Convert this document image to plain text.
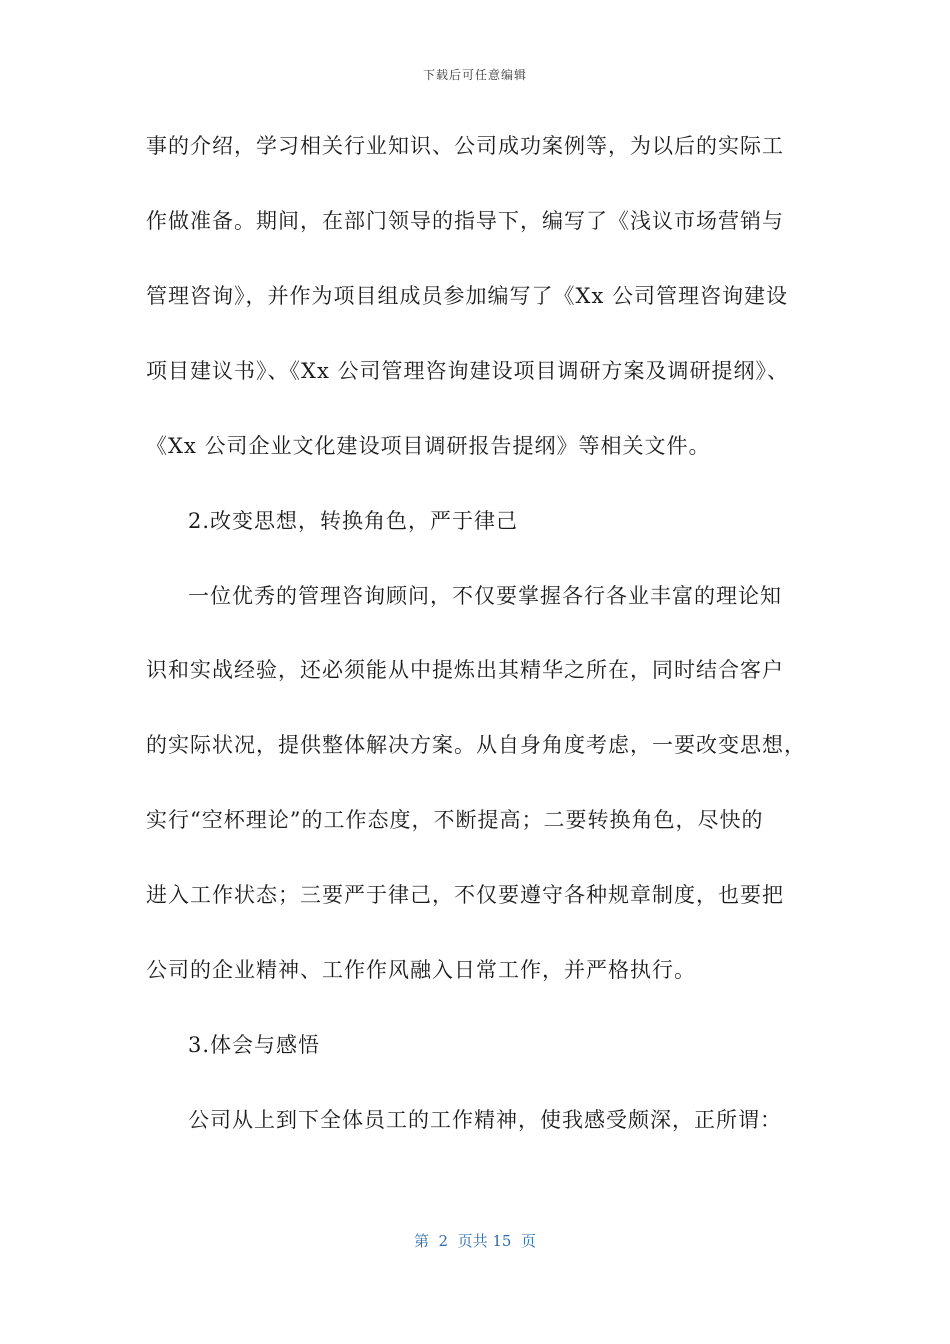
下载后可任意编辑
事的介绍，学习相关行业知识、公司成功案例等，为以后的实际工
作做准备。期间，在部门领导的指导下，编写了《浅议市场营销与
管理咨询》，并作为项目组成员参加编写了《Xx 公司管理咨询建设
项目建议书》、《Xx 公司管理咨询建设项目调研方案及调研提纲》、
《Xx 公司企业文化建设项目调研报告提纲》等相关文件。
2.改变思想，转换角色，严于律己
一位优秀的管理咨询顾问，不仅要掌握各行各业丰富的理论知
识和实战经验，还必须能从中提炼出其精华之所在，同时结合客户
的实际状况，提供整体解决方案。从自身角度考虑，一要改变思想，
实行“空杯理论”的工作态度，不断提高；二要转换角色，尽快的
进入工作状态；三要严于律己，不仅要遵守各种规章制度，也要把
公司的企业精神、工作作风融入日常工作，并严格执行。
3.体会与感悟
公司从上到下全体员工的工作精神，使我感受颇深，正所谓：
第  2  页共 15  页
